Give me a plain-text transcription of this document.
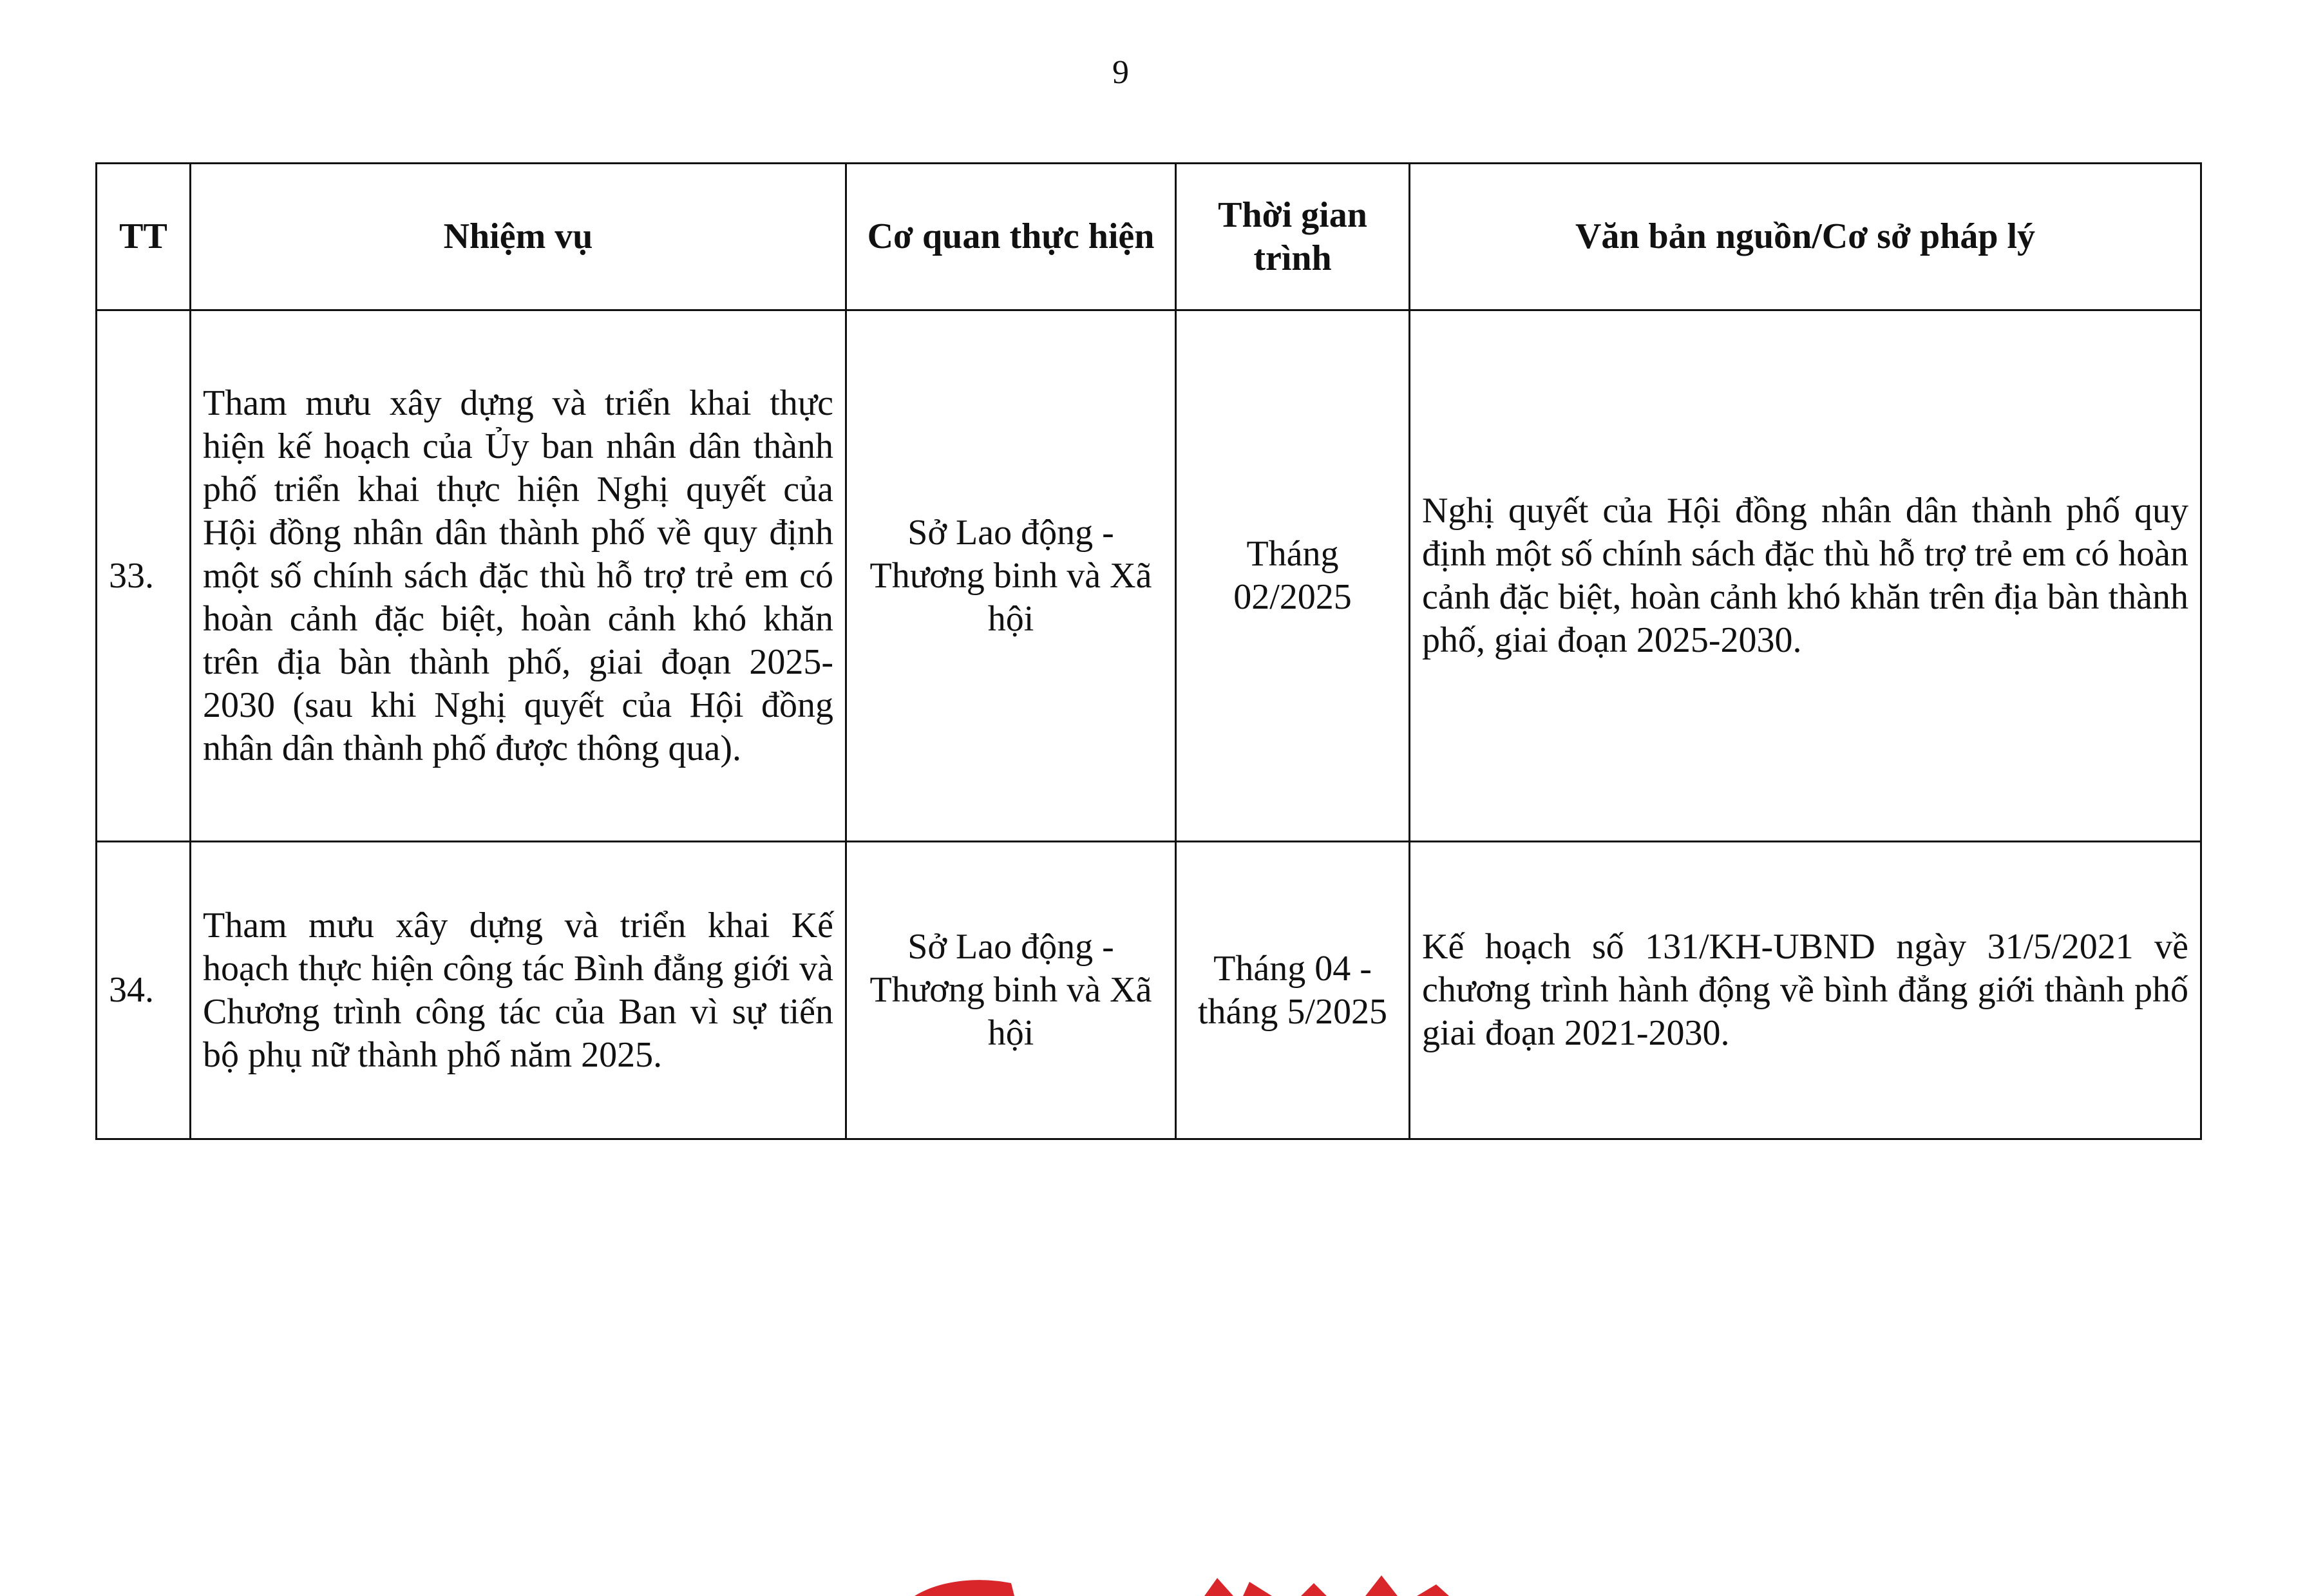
9
TT	Nhiệm vụ	Cơ quan thực hiện	Thời gian trình	Văn bản nguồn/Cơ sở pháp lý
33.	Tham mưu xây dựng và triển khai thực hiện kế hoạch của Ủy ban nhân dân thành phố triển khai thực hiện Nghị quyết của Hội đồng nhân dân thành phố về quy định một số chính sách đặc thù hỗ trợ trẻ em có hoàn cảnh đặc biệt, hoàn cảnh khó khăn trên địa bàn thành phố, giai đoạn 2025-2030 (sau khi Nghị quyết của Hội đồng nhân dân thành phố được thông qua).	Sở Lao động - Thương binh và Xã hội	Tháng 02/2025	Nghị quyết của Hội đồng nhân dân thành phố quy định một số chính sách đặc thù hỗ trợ trẻ em có hoàn cảnh đặc biệt, hoàn cảnh khó khăn trên địa bàn thành phố, giai đoạn 2025-2030.
34.	Tham mưu xây dựng và triển khai Kế hoạch thực hiện công tác Bình đẳng giới và Chương trình công tác của Ban vì sự tiến bộ phụ nữ thành phố năm 2025.	Sở Lao động - Thương binh và Xã hội	Tháng 04 - tháng 5/2025	Kế hoạch số 131/KH-UBND ngày 31/5/2021 về chương trình hành động về bình đẳng giới thành phố giai đoạn 2021-2030.
